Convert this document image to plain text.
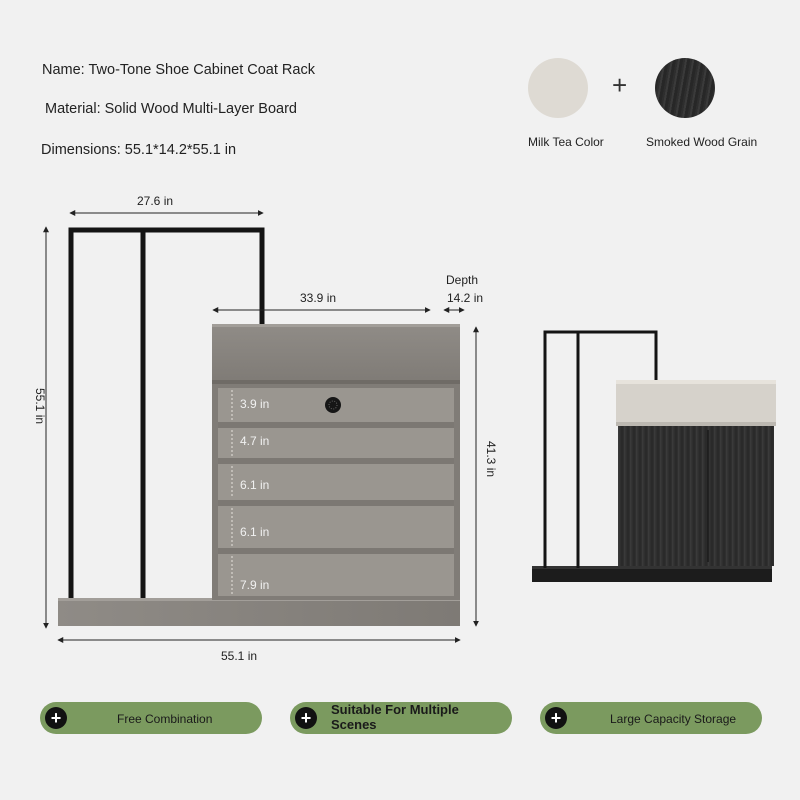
Name: Two-Tone Shoe Cabinet Coat Rack
Material: Solid Wood Multi-Layer Board
Dimensions: 55.1*14.2*55.1 in
+
Milk Tea Color	Smoked Wood Grain
3.9 in
4.7 in
6.1 in
6.1 in
7.9 in
27.6 in
33.9 in
Depth
14.2 in
55.1 in
41.3 in
55.1 in
+	Free Combination	+	Suitable For Multiple Scenes	+	Large Capacity Storage
